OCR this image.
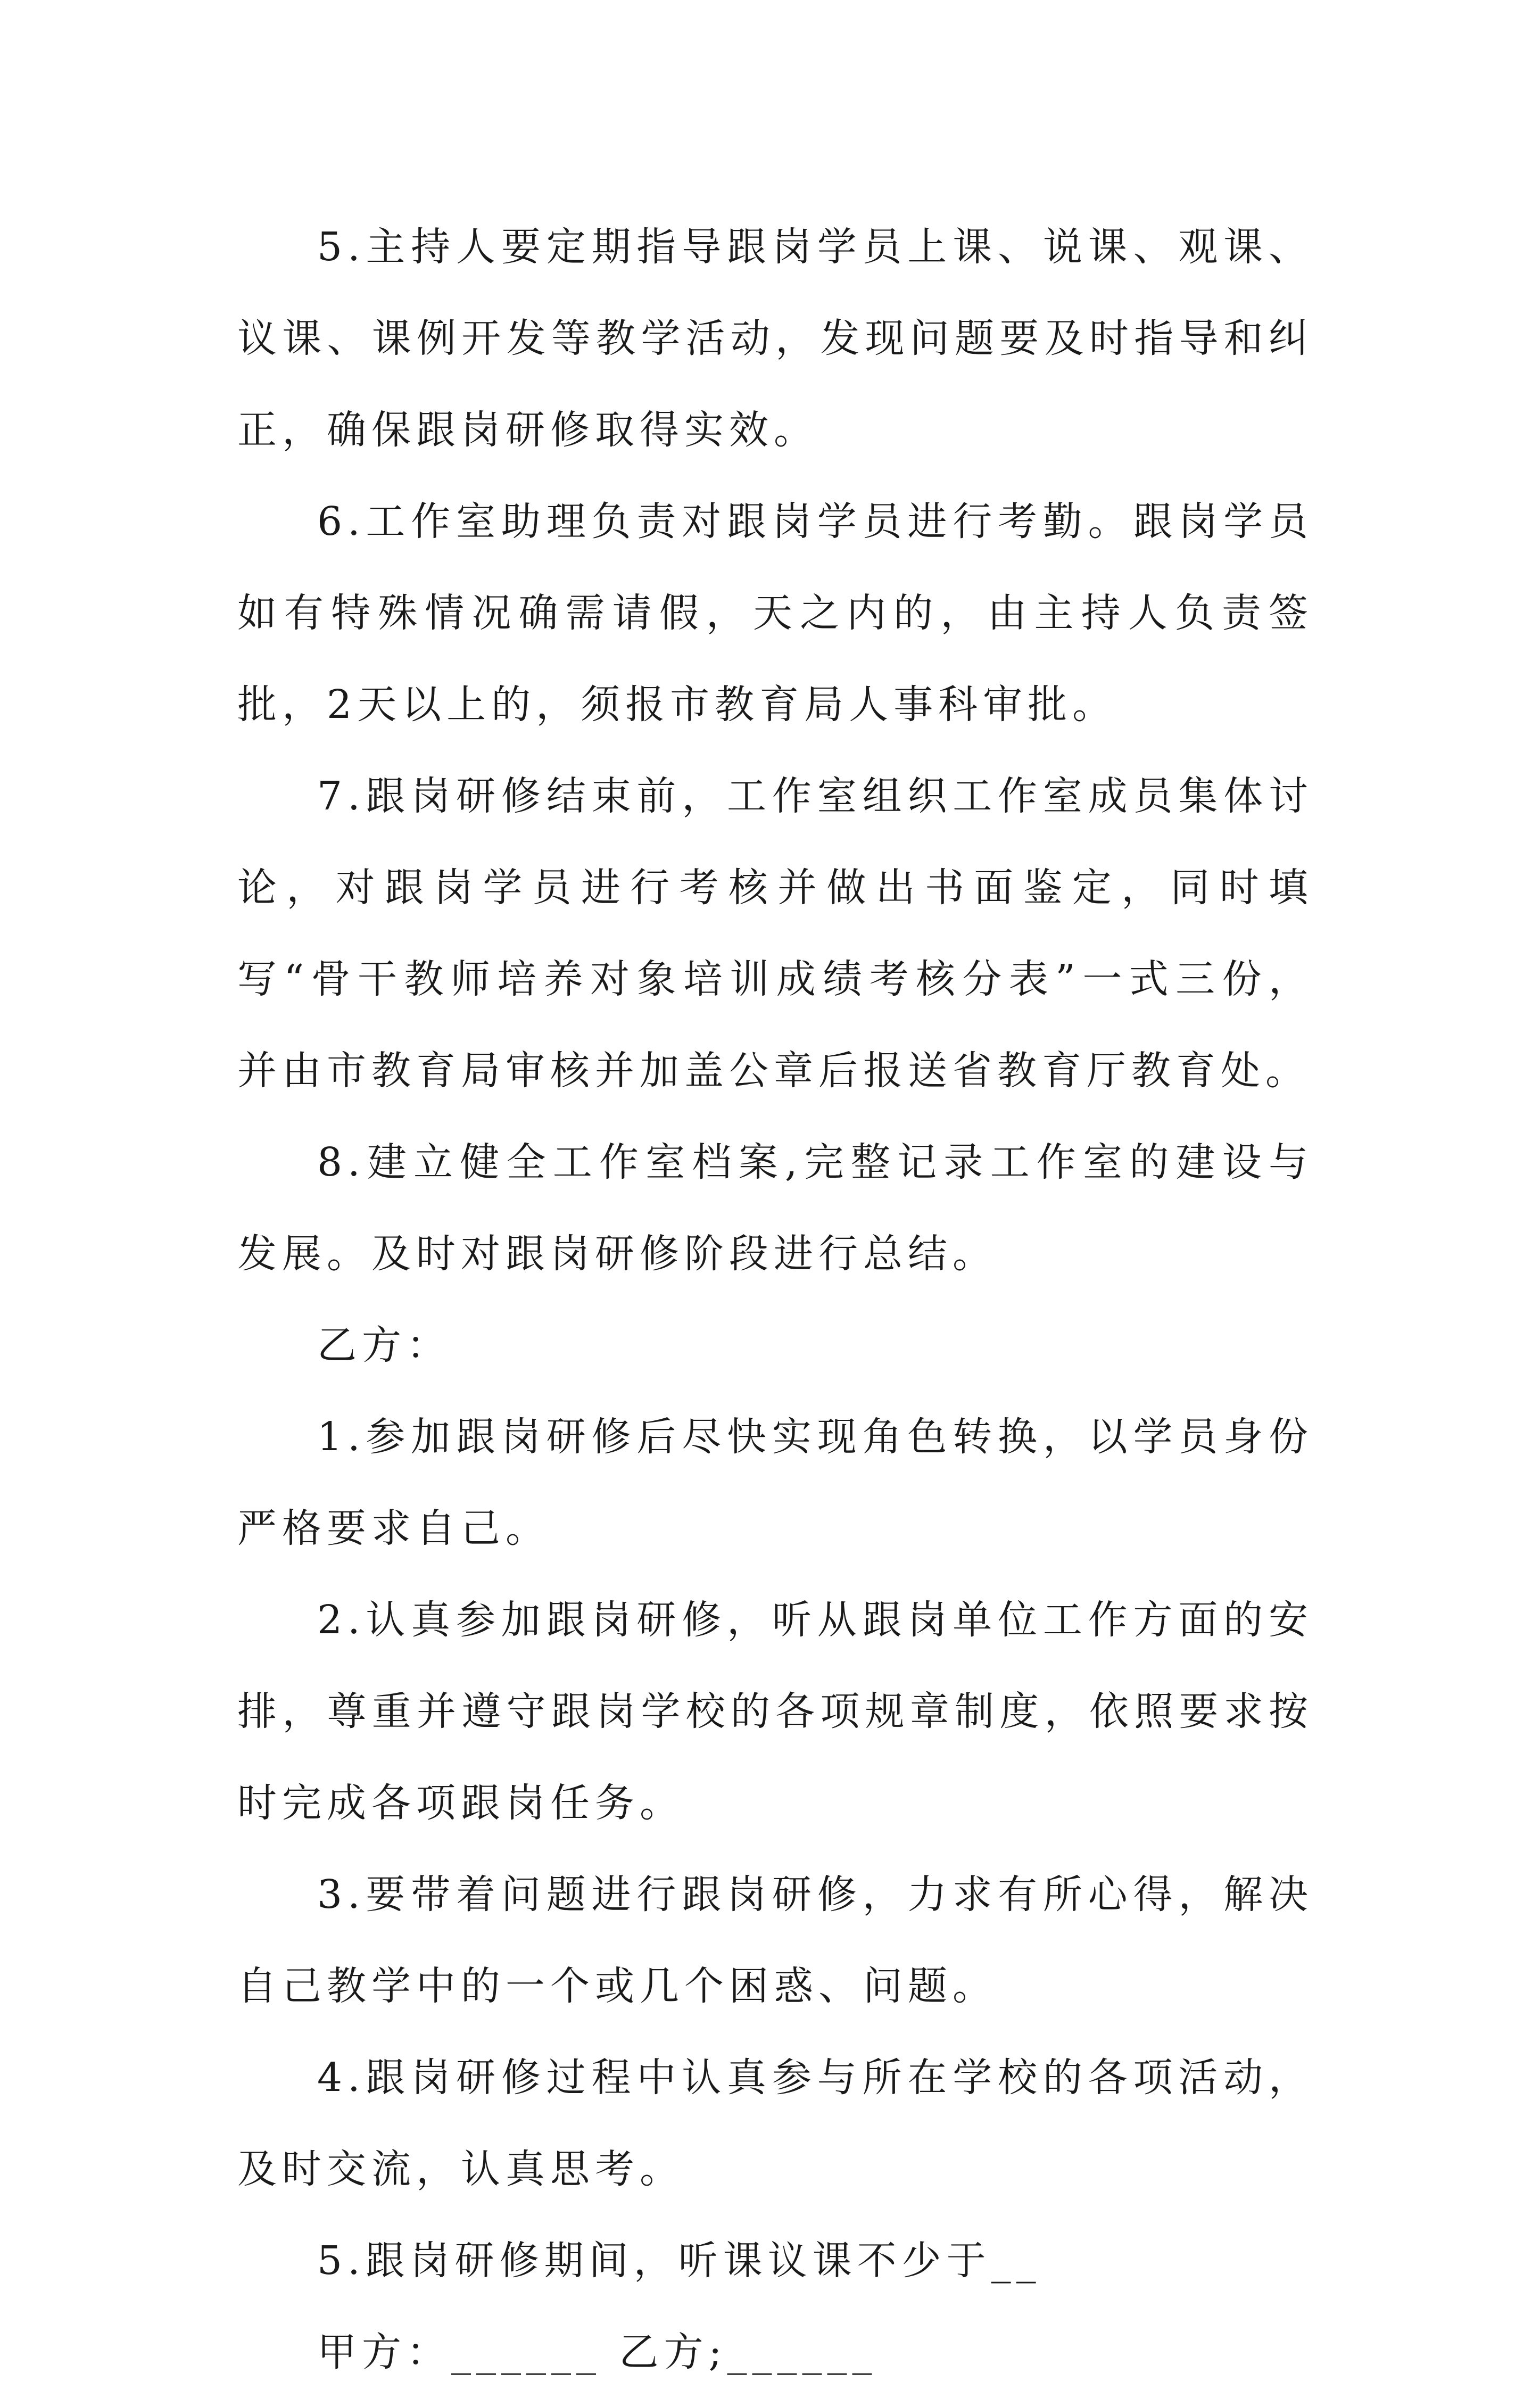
5.主持人要定期指导跟岗学员上课、说课、观课、议课、课例开发等教学活动，发现问题要及时指导和纠正，确保跟岗研修取得实效。

6.工作室助理负责对跟岗学员进行考勤。跟岗学员如有特殊情况确需请假，天之内的，由主持人负责签批，2天以上的，须报市教育局人事科审批。

7.跟岗研修结束前，工作室组织工作室成员集体讨论，对跟岗学员进行考核并做出书面鉴定，同时填写“骨干教师培养对象培训成绩考核分表”一式三份，并由市教育局审核并加盖公章后报送省教育厅教育处。

8.建立健全工作室档案,完整记录工作室的建设与发展。及时对跟岗研修阶段进行总结。

乙方：

1.参加跟岗研修后尽快实现角色转换，以学员身份严格要求自己。

2.认真参加跟岗研修，听从跟岗单位工作方面的安排，尊重并遵守跟岗学校的各项规章制度，依照要求按时完成各项跟岗任务。

3.要带着问题进行跟岗研修，力求有所心得，解决自己教学中的一个或几个困惑、问题。

4.跟岗研修过程中认真参与所在学校的各项活动，及时交流，认真思考。

5.跟岗研修期间，听课议课不少于__

甲方：______ 乙方;______
